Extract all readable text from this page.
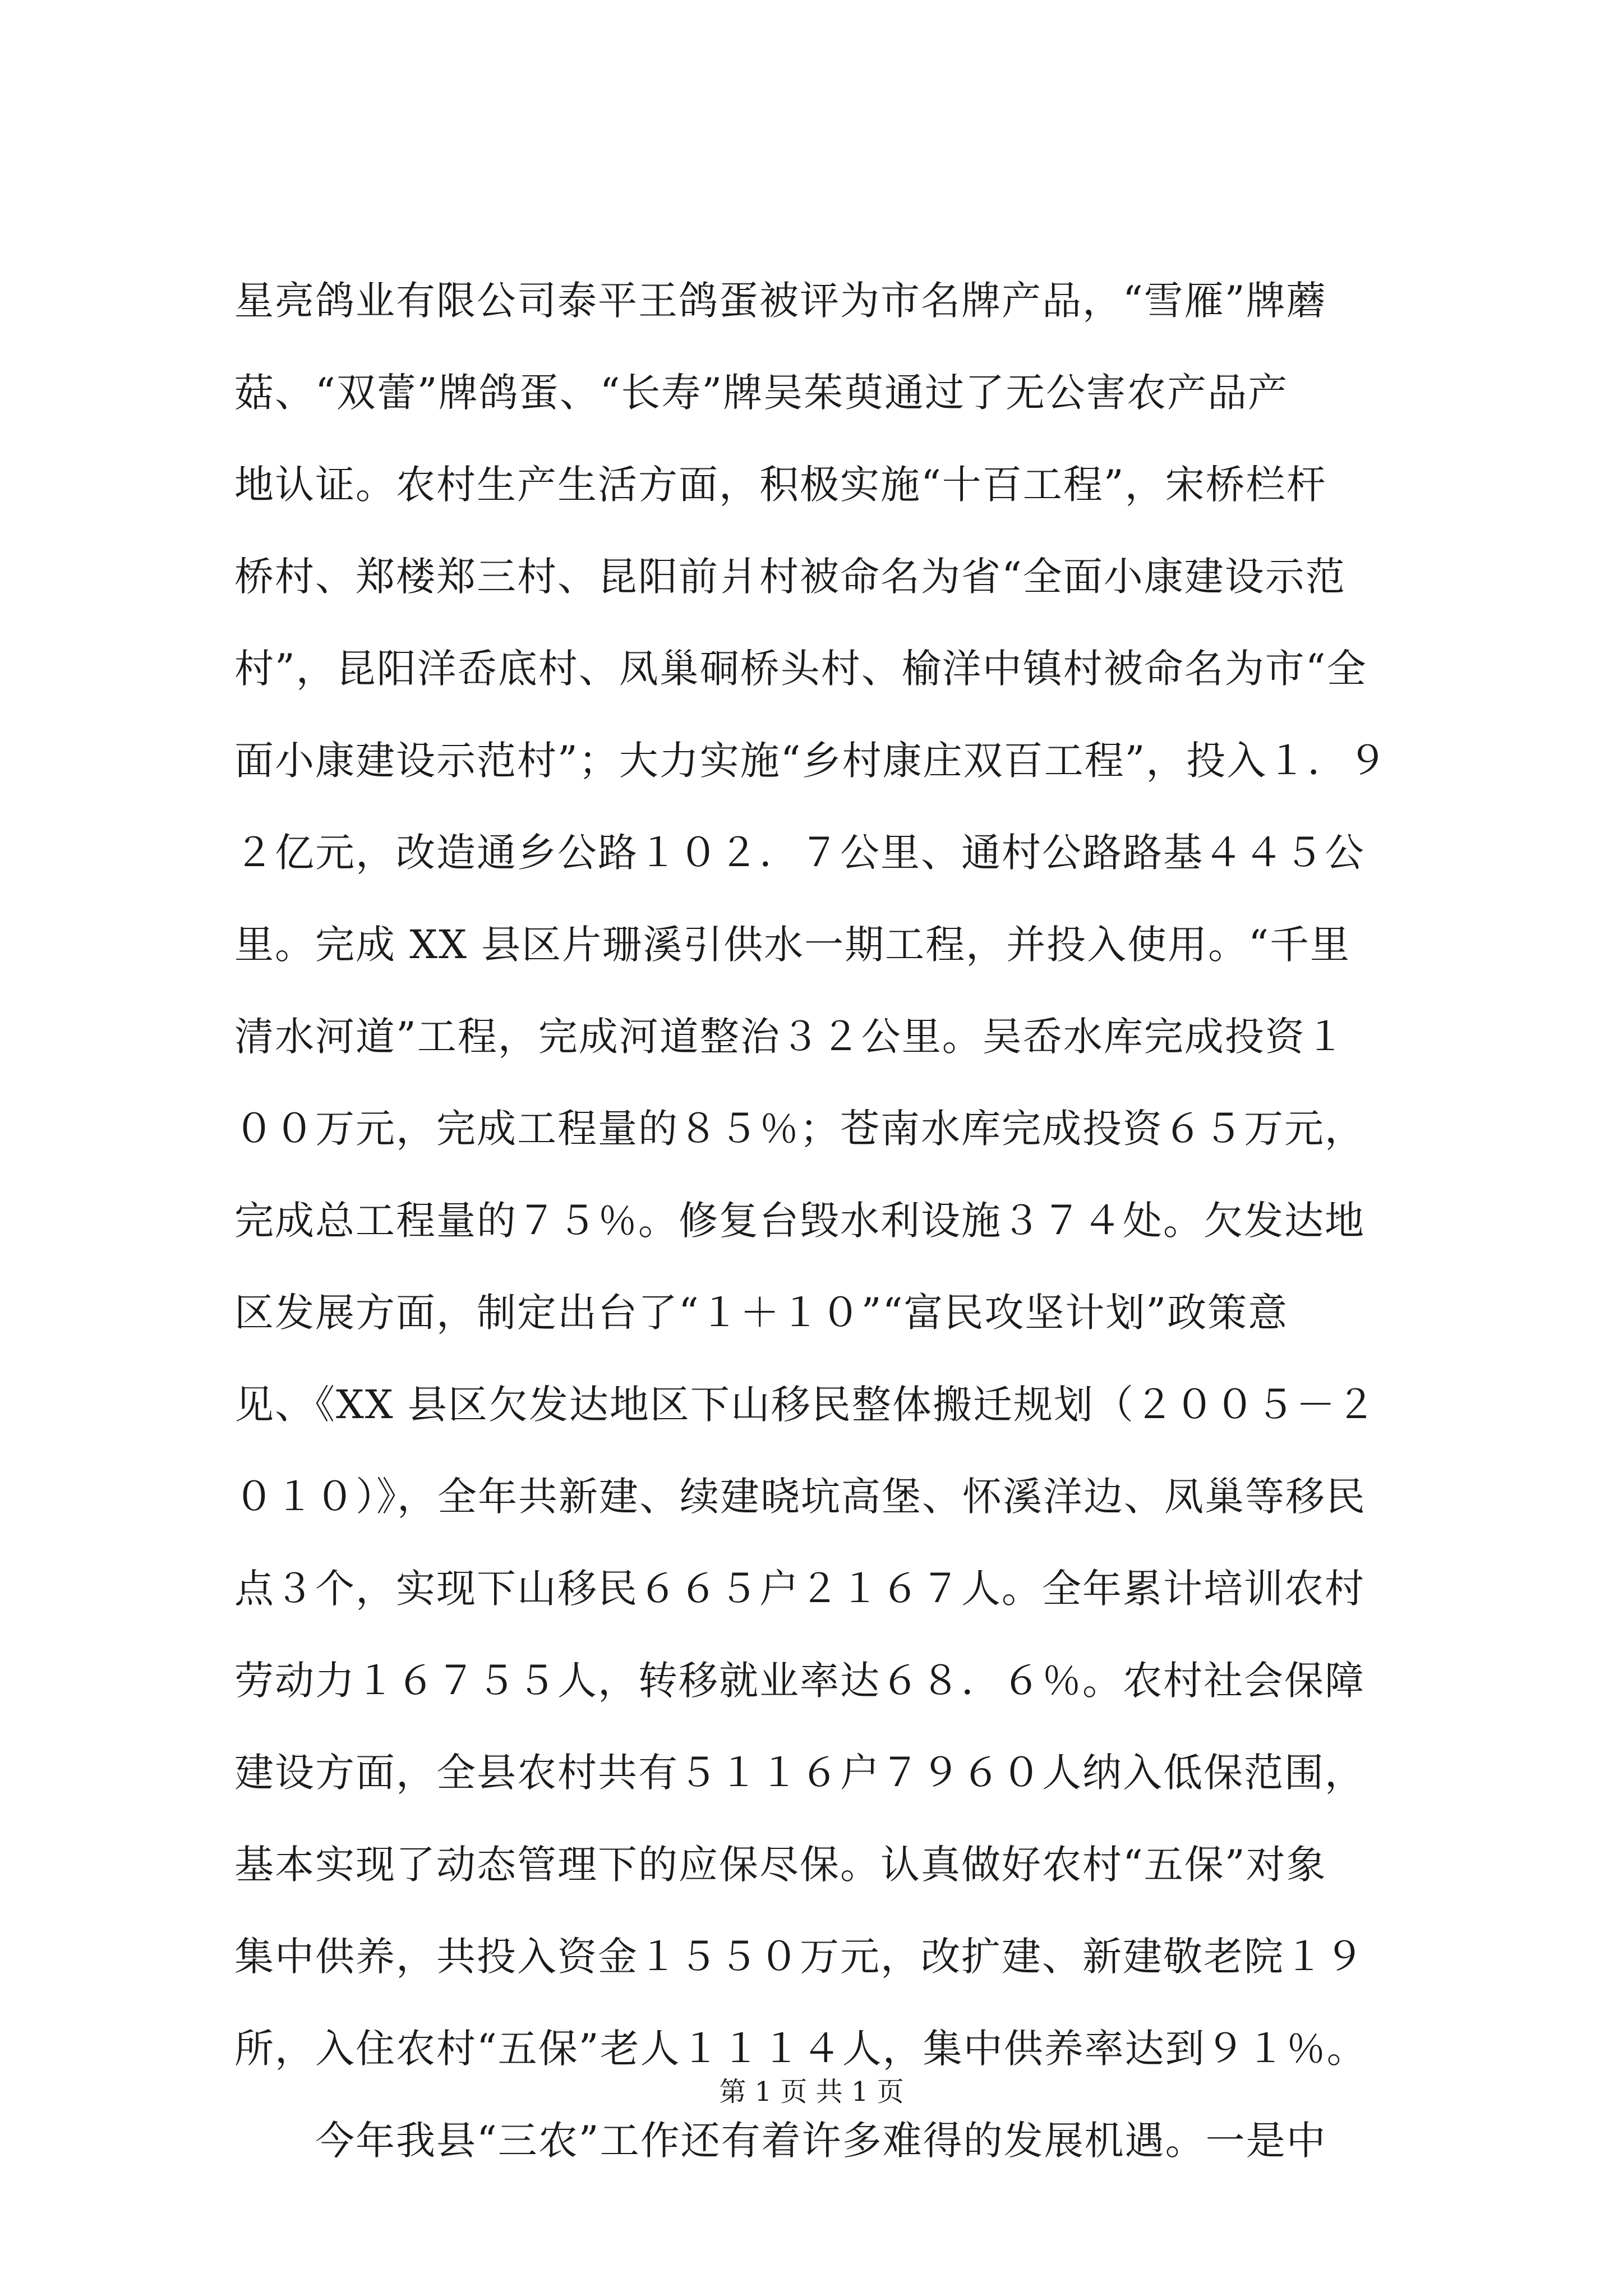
星亮鸽业有限公司泰平王鸽蛋被评为市名牌产品，“雪雁”牌蘑
菇、“双蕾”牌鸽蛋、“长寿”牌吴茱萸通过了无公害农产品产
地认证。农村生产生活方面，积极实施“十百工程”，宋桥栏杆
桥村、郑楼郑三村、昆阳前爿村被命名为省“全面小康建设示范
村”，昆阳洋岙底村、凤巢硐桥头村、榆洋中镇村被命名为市“全
面小康建设示范村”；大力实施“乡村康庄双百工程”，投入１．９
２亿元，改造通乡公路１０２．７公里、通村公路路基４４５公
里。完成 XX 县区片珊溪引供水一期工程，并投入使用。“千里
清水河道”工程，完成河道整治３２公里。吴岙水库完成投资１
００万元，完成工程量的８５％；苍南水库完成投资６５万元，
完成总工程量的７５％。修复台毁水利设施３７４处。欠发达地
区发展方面，制定出台了“１＋１０”“富民攻坚计划”政策意
见、《XX 县区欠发达地区下山移民整体搬迁规划（２００５－２
０１０）》，全年共新建、续建晓坑高堡、怀溪洋边、凤巢等移民
点３个，实现下山移民６６５户２１６７人。全年累计培训农村
劳动力１６７５５人，转移就业率达６８．６％。农村社会保障
建设方面，全县农村共有５１１６户７９６０人纳入低保范围，
基本实现了动态管理下的应保尽保。认真做好农村“五保”对象
集中供养，共投入资金１５５０万元，改扩建、新建敬老院１９
所，入住农村“五保”老人１１１４人，集中供养率达到９１％。
　　今年我县“三农”工作还有着许多难得的发展机遇。一是中
第 1 页 共 1 页
